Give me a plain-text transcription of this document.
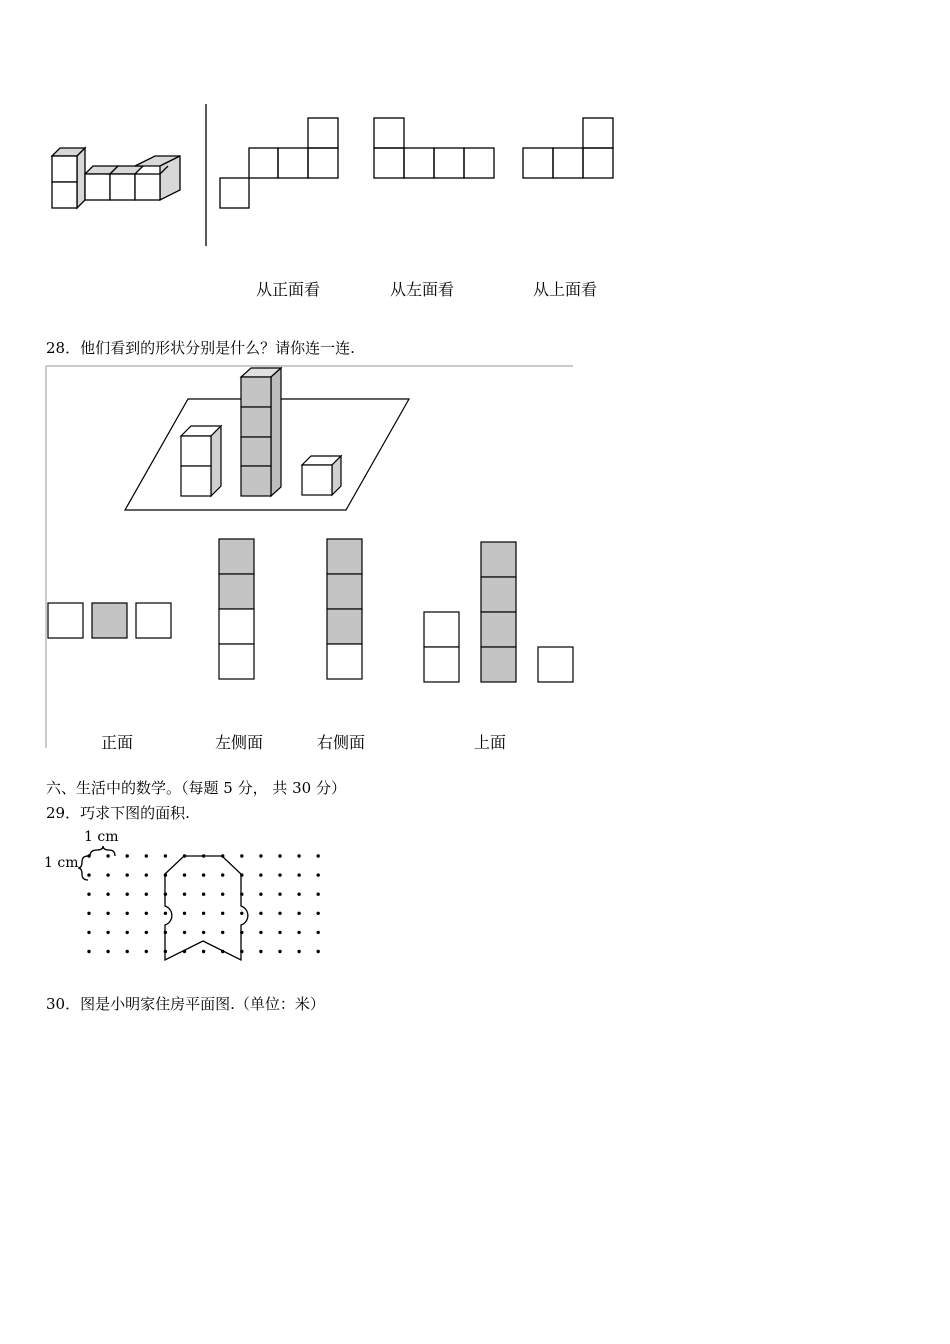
从正面看	从左面看	从上面看
28．他们看到的形状分别是什么？请你连一连.
正面	左侧面	右侧面	上面
六、生活中的数学。（每题 5 分， 共 30 分）
29．巧求下图的面积.
1 cm
1 cm
30．图是小明家住房平面图.（单位：米）
